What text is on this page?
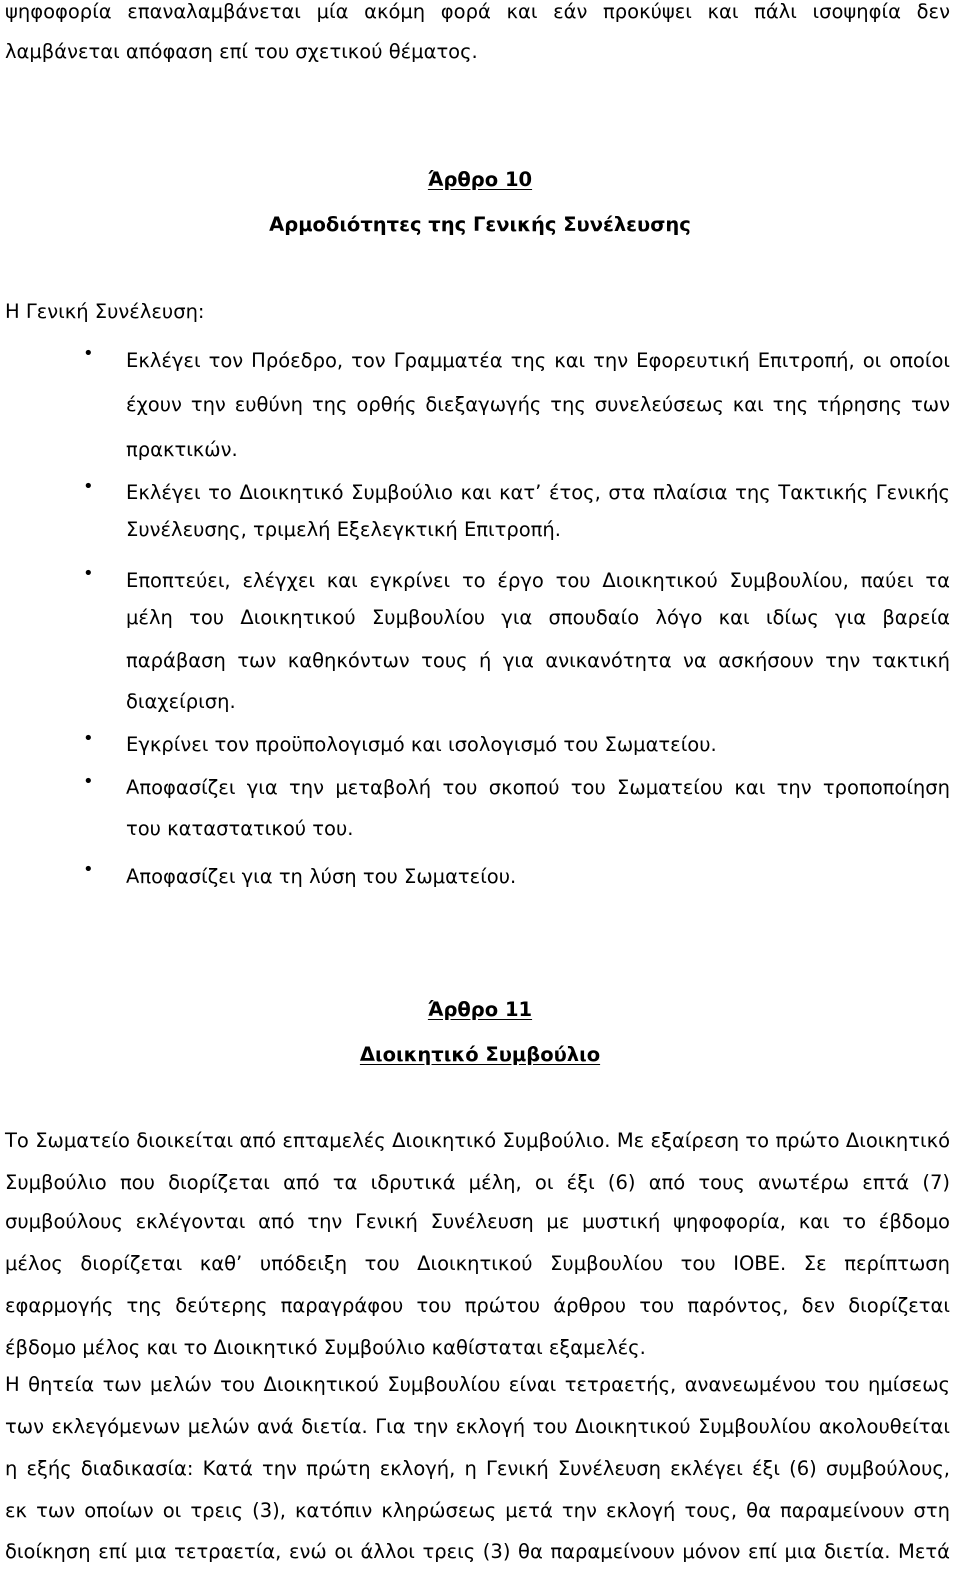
ψηφοφορία επαναλαμβάνεται μία ακόμη φορά και εάν προκύψει και πάλι ισοψηφία δεν
λαμβάνεται απόφαση επί του σχετικού θέματος.
Άρθρο 10
Αρμοδιότητες της Γενικής Συνέλευσης
Η Γενική Συνέλευση:
• Εκλέγει τον Πρόεδρο, τον Γραμματέα της και την Εφορευτική Επιτροπή, οι οποίοι
έχουν την ευθύνη της ορθής διεξαγωγής της συνελεύσεως και της τήρησης των
πρακτικών.
• Εκλέγει το Διοικητικό Συμβούλιο και κατ’ έτος, στα πλαίσια της Τακτικής Γενικής
Συνέλευσης, τριμελή Εξελεγκτική Επιτροπή.
• Εποπτεύει, ελέγχει και εγκρίνει το έργο του Διοικητικού Συμβουλίου, παύει τα
μέλη του Διοικητικού Συμβουλίου για σπουδαίο λόγο και ιδίως για βαρεία
παράβαση των καθηκόντων τους ή για ανικανότητα να ασκήσουν την τακτική
διαχείριση.
• Εγκρίνει τον προϋπολογισμό και ισολογισμό του Σωματείου.
• Αποφασίζει για την μεταβολή του σκοπού του Σωματείου και την τροποποίηση
του καταστατικού του.
• Αποφασίζει για τη λύση του Σωματείου.
Άρθρο 11
Διοικητικό Συμβούλιο
Το Σωματείο διοικείται από επταμελές Διοικητικό Συμβούλιο. Με εξαίρεση το πρώτο Διοικητικό
Συμβούλιο που διορίζεται από τα ιδρυτικά μέλη, οι έξι (6) από τους ανωτέρω επτά (7)
συμβούλους εκλέγονται από την Γενική Συνέλευση με μυστική ψηφοφορία, και το έβδομο
μέλος διορίζεται καθ’ υπόδειξη του Διοικητικού Συμβουλίου του ΙΟΒΕ. Σε περίπτωση
εφαρμογής της δεύτερης παραγράφου του πρώτου άρθρου του παρόντος, δεν διορίζεται
έβδομο μέλος και το Διοικητικό Συμβούλιο καθίσταται εξαμελές.
Η θητεία των μελών του Διοικητικού Συμβουλίου είναι τετραετής, ανανεωμένου του ημίσεως
των εκλεγόμενων μελών ανά διετία. Για την εκλογή του Διοικητικού Συμβουλίου ακολουθείται
η εξής διαδικασία: Κατά την πρώτη εκλογή, η Γενική Συνέλευση εκλέγει έξι (6) συμβούλους,
εκ των οποίων οι τρεις (3), κατόπιν κληρώσεως μετά την εκλογή τους, θα παραμείνουν στη
διοίκηση επί μια τετραετία, ενώ οι άλλοι τρεις (3) θα παραμείνουν μόνον επί μια διετία. Μετά
